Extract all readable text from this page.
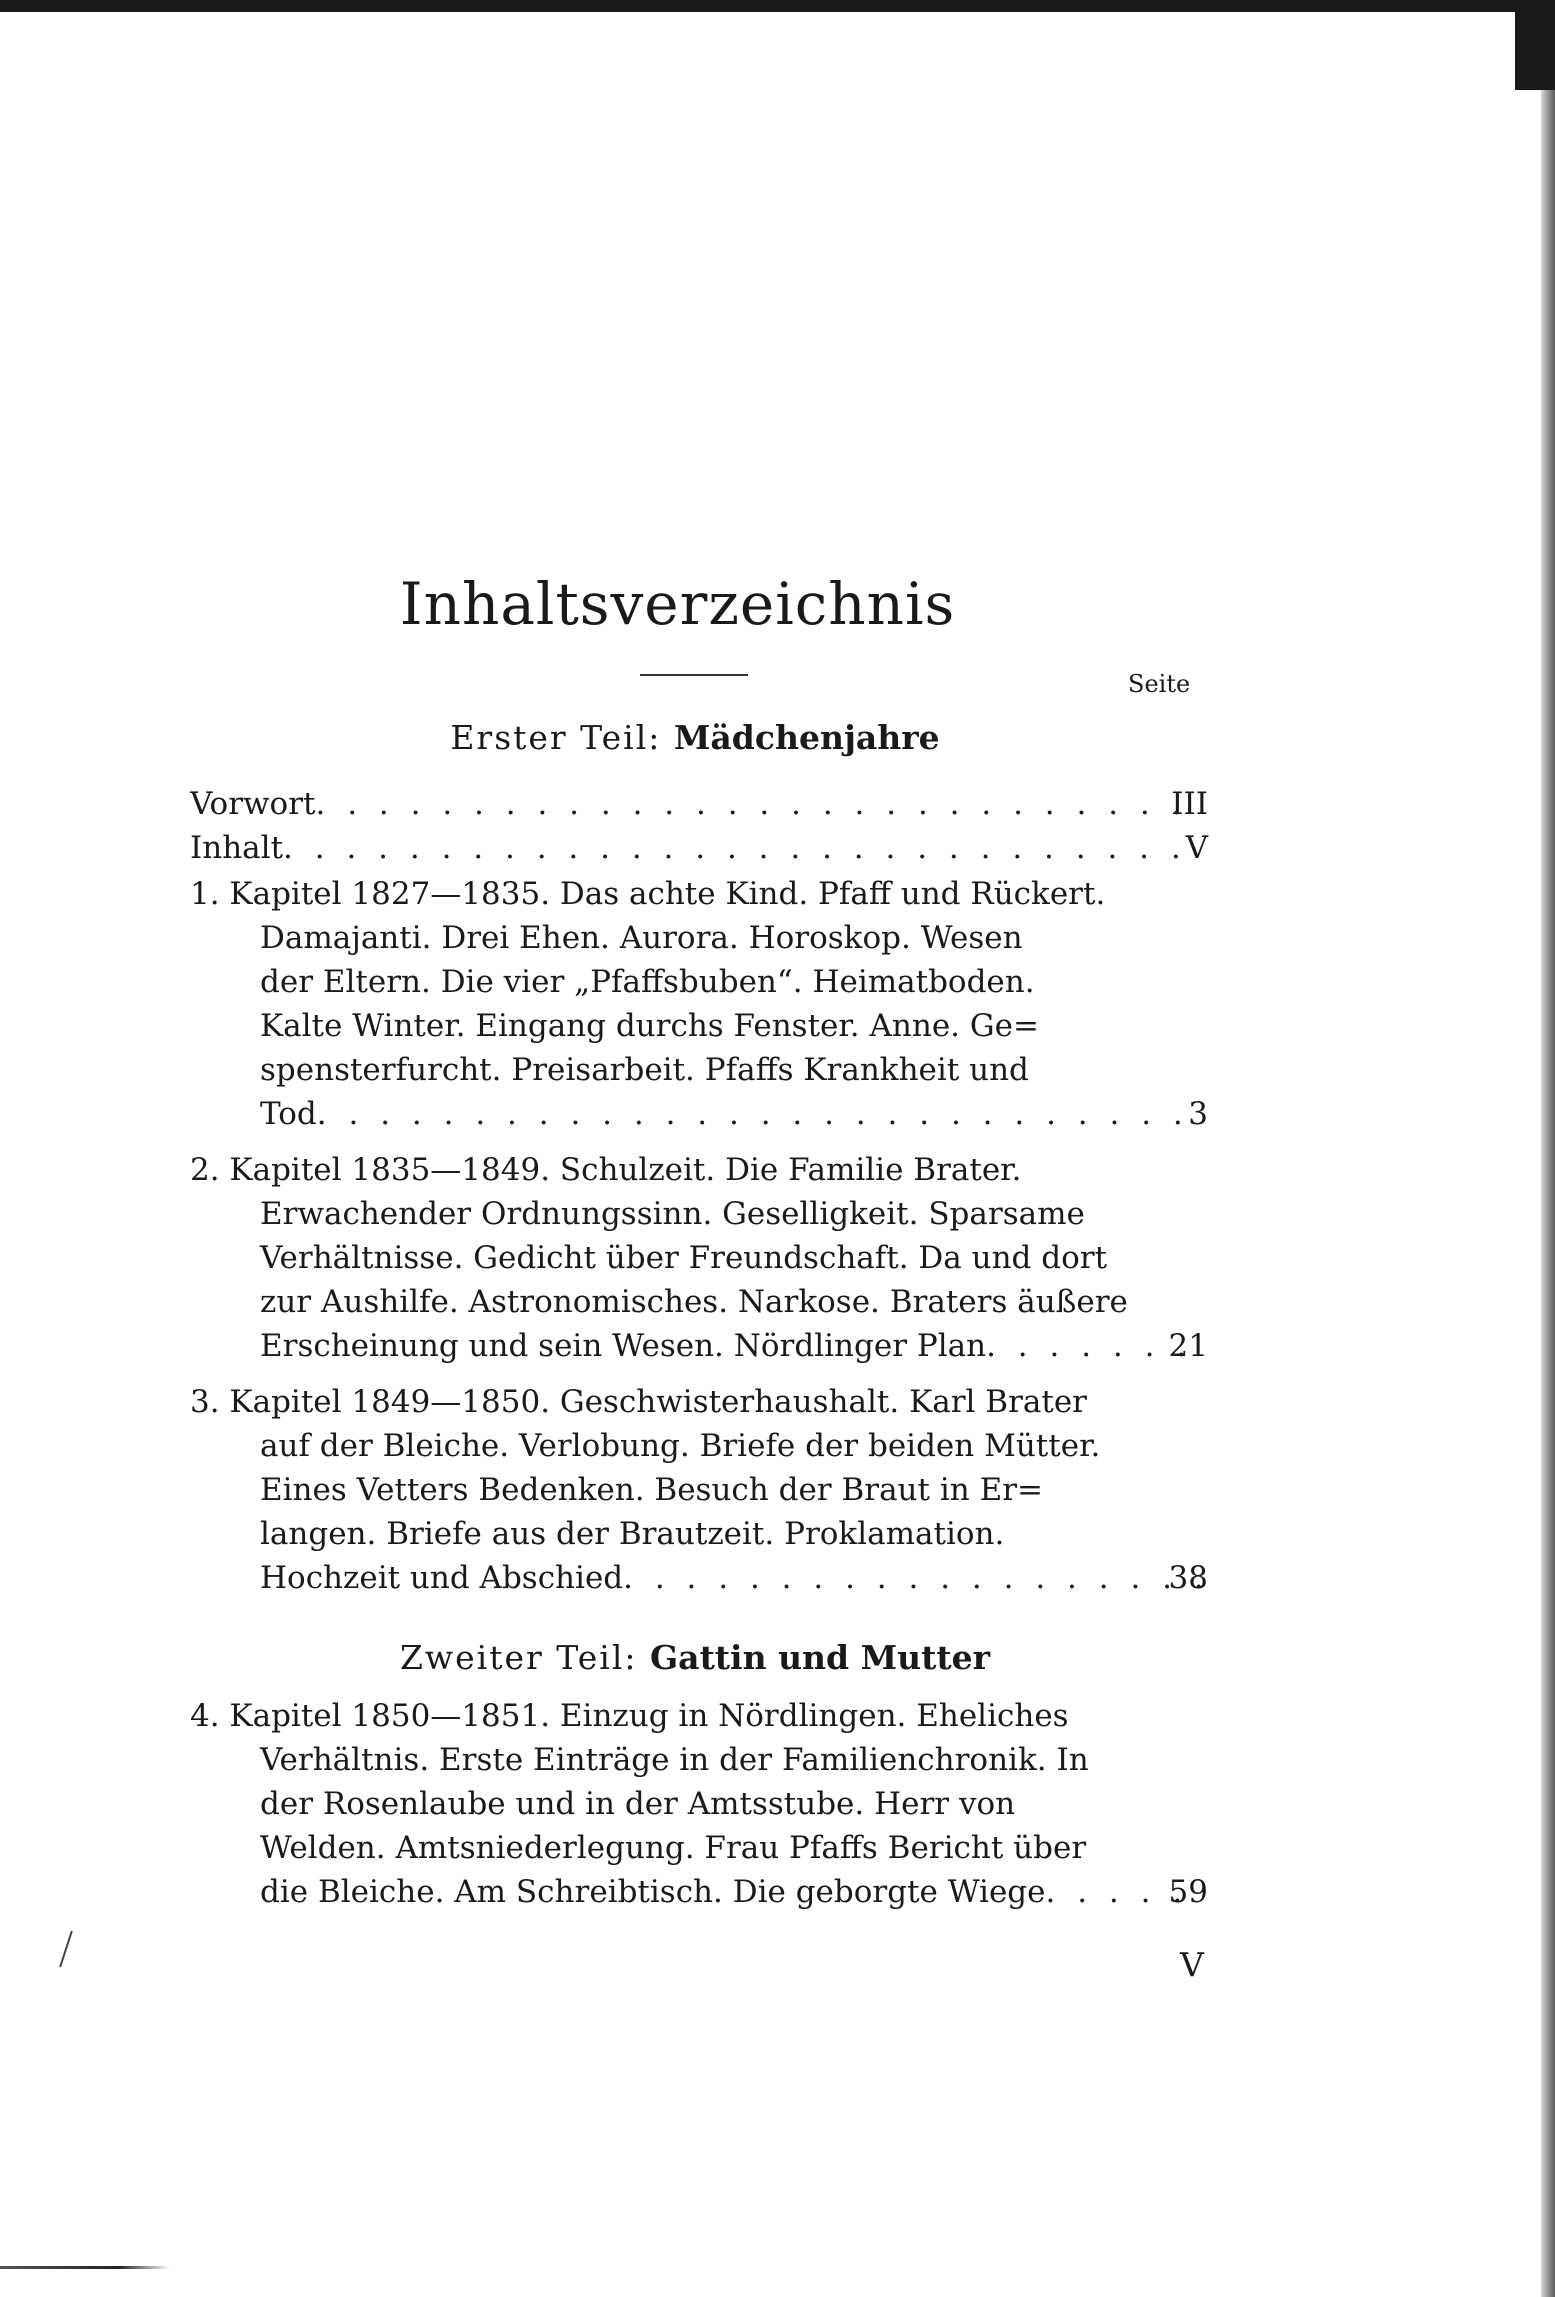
Inhaltsverzeichnis
Seite
Erster Teil: Mädchenjahre
Vorwort . . .	III
Inhalt . . .	V
1. Kapitel 1827—1835. Das achte Kind. Pfaff und Rückert.
Damajanti. Drei Ehen. Aurora. Horoskop. Wesen
der Eltern. Die vier „Pfaffsbuben“. Heimatboden.
Kalte Winter. Eingang durchs Fenster. Anne. Ge=
spensterfurcht. Preisarbeit. Pfaffs Krankheit und
Tod . . .	3
2. Kapitel 1835—1849. Schulzeit. Die Familie Brater.
Erwachender Ordnungssinn. Geselligkeit. Sparsame
Verhältnisse. Gedicht über Freundschaft. Da und dort
zur Aushilfe. Astronomisches. Narkose. Braters äußere
Erscheinung und sein Wesen. Nördlinger Plan . . .	21
3. Kapitel 1849—1850. Geschwisterhaushalt. Karl Brater
auf der Bleiche. Verlobung. Briefe der beiden Mütter.
Eines Vetters Bedenken. Besuch der Braut in Er=
langen. Briefe aus der Brautzeit. Proklamation.
Hochzeit und Abschied . . .	38
Zweiter Teil: Gattin und Mutter
4. Kapitel 1850—1851. Einzug in Nördlingen. Eheliches
Verhältnis. Erste Einträge in der Familienchronik. In
der Rosenlaube und in der Amtsstube. Herr von
Welden. Amtsniederlegung. Frau Pfaffs Bericht über
die Bleiche. Am Schreibtisch. Die geborgte Wiege . . .	59
V
